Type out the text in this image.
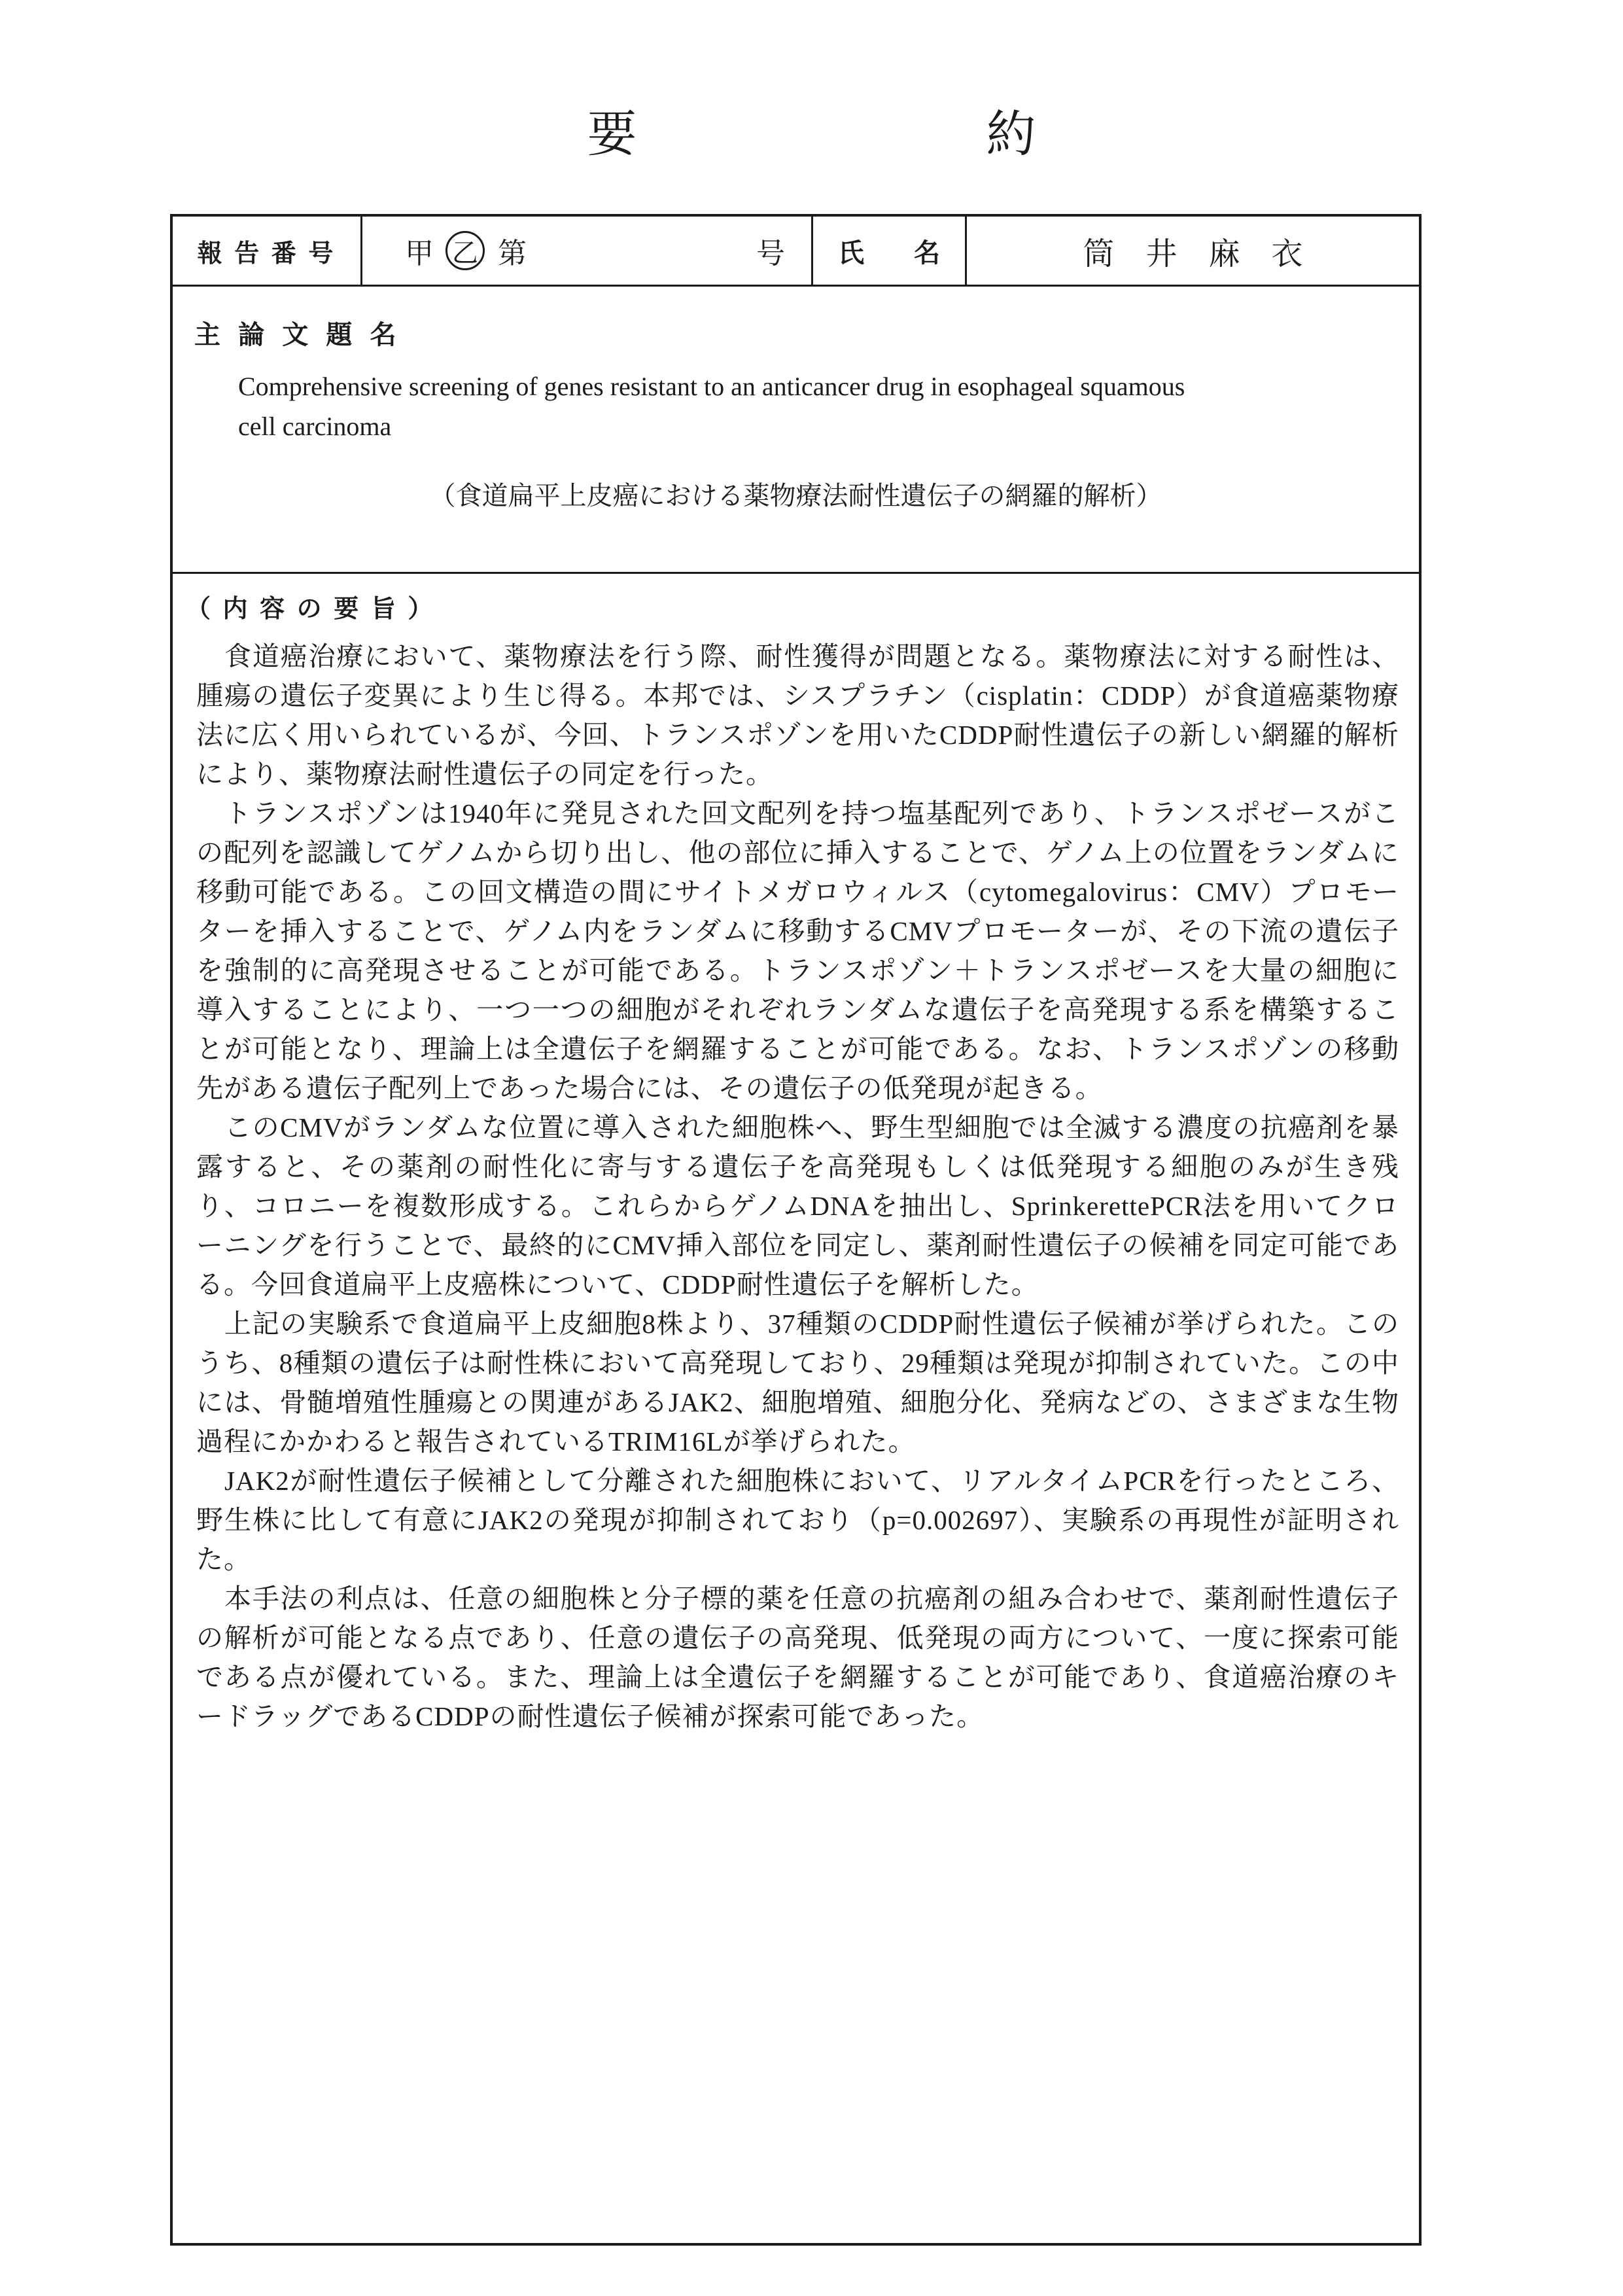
要	約
報 告 番 号	甲 乙 第	号	氏　名	筒　井　麻　衣
主 論 文 題 名
Comprehensive screening of genes resistant to an anticancer drug in esophageal squamous
cell carcinoma
（食道扁平上皮癌における薬物療法耐性遺伝子の網羅的解析）
（ 内 容 の 要 旨 ）

食道癌治療において、薬物療法を行う際、耐性獲得が問題となる。薬物療法に対する耐性は、腫瘍の遺伝子変異により生じ得る。本邦では、シスプラチン（cisplatin：CDDP）が食道癌薬物療法に広く用いられているが、今回、トランスポゾンを用いたCDDP耐性遺伝子の新しい網羅的解析により、薬物療法耐性遺伝子の同定を行った。

トランスポゾンは1940年に発見された回文配列を持つ塩基配列であり、トランスポゼースがこの配列を認識してゲノムから切り出し、他の部位に挿入することで、ゲノム上の位置をランダムに移動可能である。この回文構造の間にサイトメガロウィルス（cytomegalovirus：CMV）プロモーターを挿入することで、ゲノム内をランダムに移動するCMVプロモーターが、その下流の遺伝子を強制的に高発現させることが可能である。トランスポゾン＋トランスポゼースを大量の細胞に導入することにより、一つ一つの細胞がそれぞれランダムな遺伝子を高発現する系を構築することが可能となり、理論上は全遺伝子を網羅することが可能である。なお、トランスポゾンの移動先がある遺伝子配列上であった場合には、その遺伝子の低発現が起きる。

このCMVがランダムな位置に導入された細胞株へ、野生型細胞では全滅する濃度の抗癌剤を暴露すると、その薬剤の耐性化に寄与する遺伝子を高発現もしくは低発現する細胞のみが生き残り、コロニーを複数形成する。これらからゲノムDNAを抽出し、SprinkerettePCR法を用いてクローニングを行うことで、最終的にCMV挿入部位を同定し、薬剤耐性遺伝子の候補を同定可能である。今回食道扁平上皮癌株について、CDDP耐性遺伝子を解析した。

上記の実験系で食道扁平上皮細胞8株より、37種類のCDDP耐性遺伝子候補が挙げられた。このうち、8種類の遺伝子は耐性株において高発現しており、29種類は発現が抑制されていた。この中には、骨髄増殖性腫瘍との関連があるJAK2、細胞増殖、細胞分化、発病などの、さまざまな生物過程にかかわると報告されているTRIM16Lが挙げられた。

JAK2が耐性遺伝子候補として分離された細胞株において、リアルタイムPCRを行ったところ、野生株に比して有意にJAK2の発現が抑制されており（p=0.002697）、実験系の再現性が証明された。

本手法の利点は、任意の細胞株と分子標的薬を任意の抗癌剤の組み合わせで、薬剤耐性遺伝子の解析が可能となる点であり、任意の遺伝子の高発現、低発現の両方について、一度に探索可能である点が優れている。また、理論上は全遺伝子を網羅することが可能であり、食道癌治療のキードラッグであるCDDPの耐性遺伝子候補が探索可能であった。
